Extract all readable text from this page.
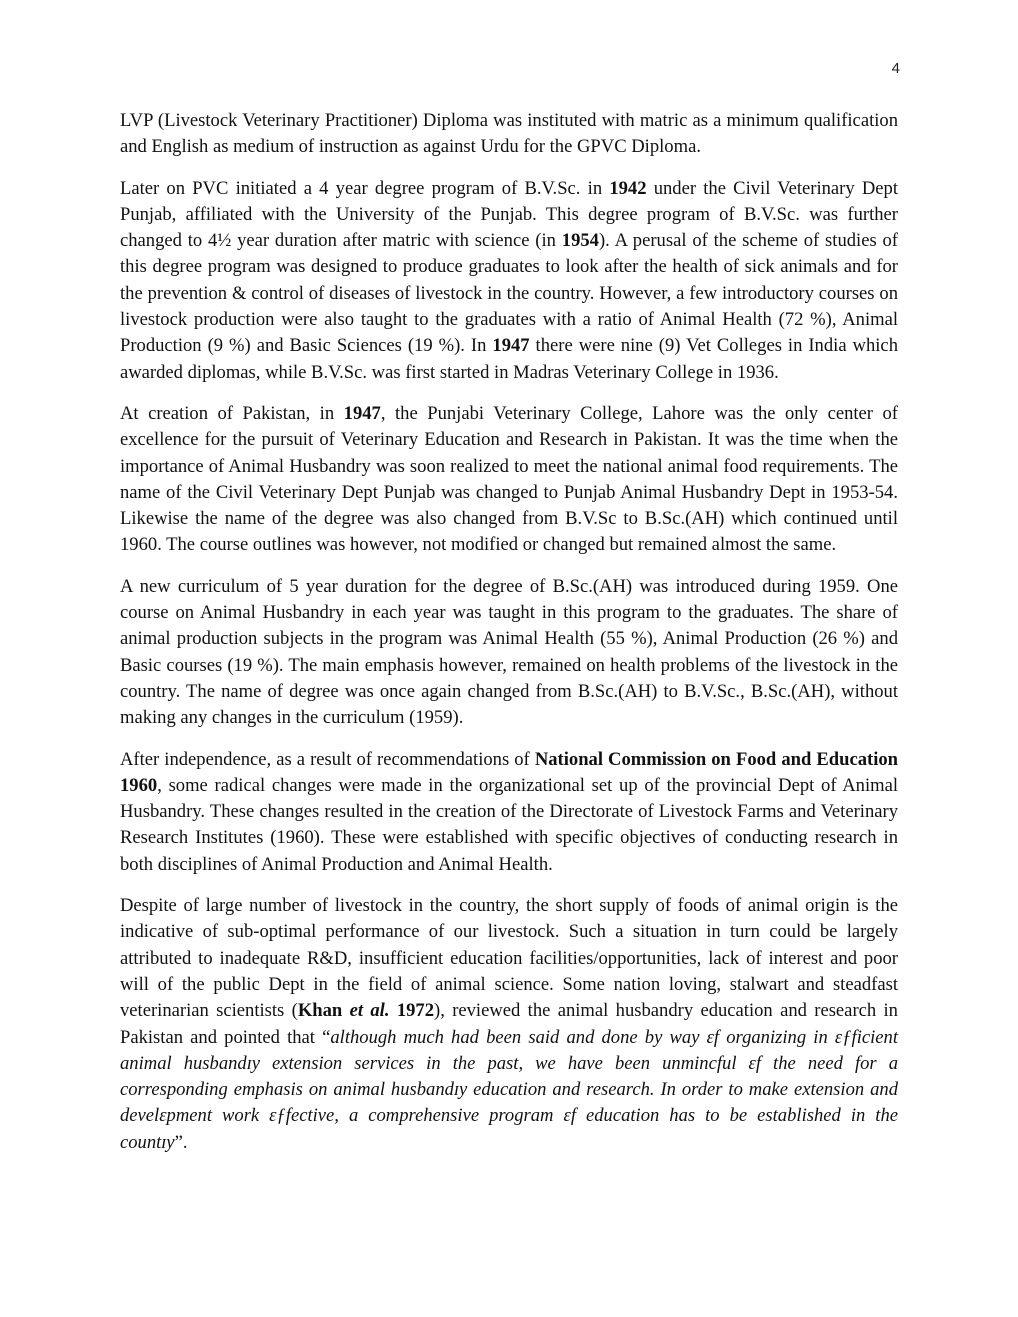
4

LVP (Livestock Veterinary Practitioner) Diploma was instituted with matric as a minimum qualification and English as medium of instruction as against Urdu for the GPVC Diploma.

Later on PVC initiated a 4 year degree program of B.V.Sc. in 1942 under the Civil Veterinary Dept Punjab, affiliated with the University of the Punjab. This degree program of B.V.Sc. was further changed to 4½ year duration after matric with science (in 1954). A perusal of the scheme of studies of this degree program was designed to produce graduates to look after the health of sick animals and for the prevention & control of diseases of livestock in the country. However, a few introductory courses on livestock production were also taught to the graduates with a ratio of Animal Health (72 %), Animal Production (9 %) and Basic Sciences (19 %). In 1947 there were nine (9) Vet Colleges in India which awarded diplomas, while B.V.Sc. was first started in Madras Veterinary College in 1936.

At creation of Pakistan, in 1947, the Punjabi Veterinary College, Lahore was the only center of excellence for the pursuit of Veterinary Education and Research in Pakistan. It was the time when the importance of Animal Husbandry was soon realized to meet the national animal food requirements. The name of the Civil Veterinary Dept Punjab was changed to Punjab Animal Husbandry Dept in 1953-54. Likewise the name of the degree was also changed from B.V.Sc to B.Sc.(AH) which continued until 1960. The course outlines was however, not modified or changed but remained almost the same.

A new curriculum of 5 year duration for the degree of B.Sc.(AH) was introduced during 1959. One course on Animal Husbandry in each year was taught in this program to the graduates. The share of animal production subjects in the program was Animal Health (55 %), Animal Production (26 %) and Basic courses (19 %). The main emphasis however, remained on health problems of the livestock in the country. The name of degree was once again changed from B.Sc.(AH) to B.V.Sc., B.Sc.(AH), without making any changes in the curriculum (1959).

After independence, as a result of recommendations of National Commission on Food and Education 1960, some radical changes were made in the organizational set up of the provincial Dept of Animal Husbandry. These changes resulted in the creation of the Directorate of Livestock Farms and Veterinary Research Institutes (1960). These were established with specific objectives of conducting research in both disciplines of Animal Production and Animal Health.

Despite of large number of livestock in the country, the short supply of foods of animal origin is the indicative of sub-optimal performance of our livestock. Such a situation in turn could be largely attributed to inadequate R&D, insufficient education facilities/opportunities, lack of interest and poor will of the public Dept in the field of animal science. Some nation loving, stalwart and steadfast veterinarian scientists (Khan et al. 1972), reviewed the animal husbandry education and research in Pakistan and pointed that “although much had been said and done by way ɛf organizing in ɛƒficient animal husbandɪy extension services in the past, we have been unmincful ɛf the need for a corresponding emphasis on animal husbandɪy education and research. In order to make extension and develɛpment work ɛƒfective, a comprehensive program ɛf education has to be established in the countɪy”.
